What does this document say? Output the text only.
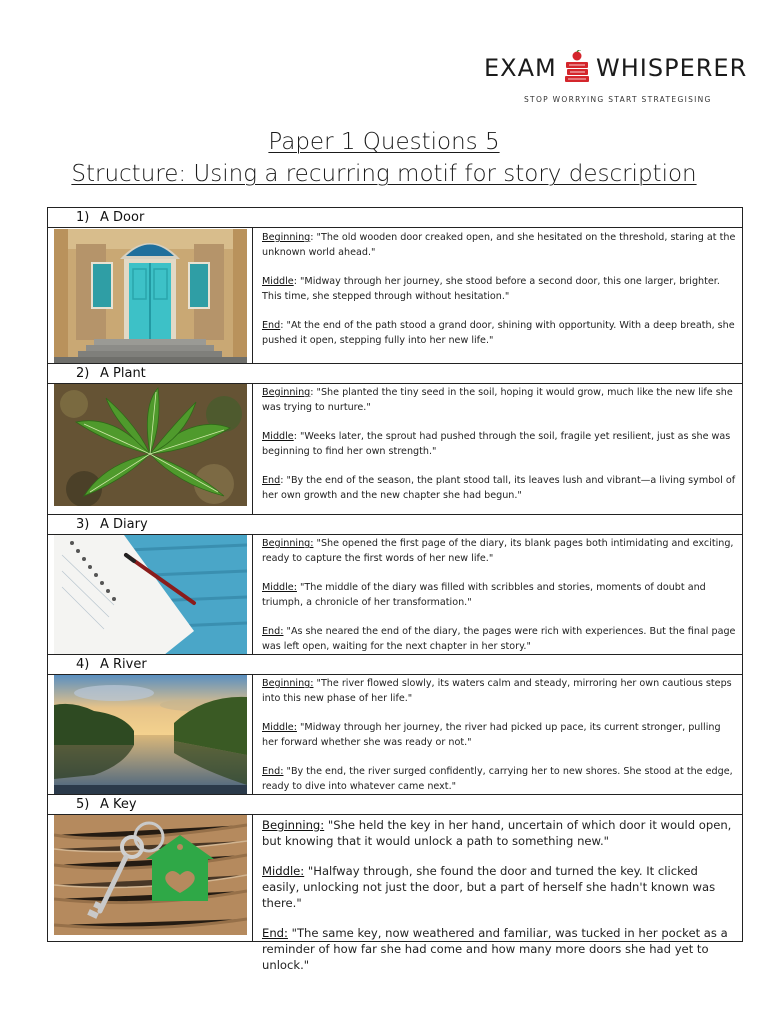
EXAM WHISPERER
STOP WORRYING START STRATEGISING
Paper 1 Questions 5
Structure: Using a recurring motif for story description
1) A Door

Beginning: "The old wooden door creaked open, and she hesitated on the threshold, staring at the unknown world ahead."

Middle: "Midway through her journey, she stood before a second door, this one larger, brighter. This time, she stepped through without hesitation."

End: "At the end of the path stood a grand door, shining with opportunity. With a deep breath, she pushed it open, stepping fully into her new life."

2) A Plant

Beginning: "She planted the tiny seed in the soil, hoping it would grow, much like the new life she was trying to nurture."

Middle: "Weeks later, the sprout had pushed through the soil, fragile yet resilient, just as she was beginning to find her own strength."

End: "By the end of the season, the plant stood tall, its leaves lush and vibrant—a living symbol of her own growth and the new chapter she had begun."

3) A Diary

Beginning: "She opened the first page of the diary, its blank pages both intimidating and exciting, ready to capture the first words of her new life."

Middle: "The middle of the diary was filled with scribbles and stories, moments of doubt and triumph, a chronicle of her transformation."

End: "As she neared the end of the diary, the pages were rich with experiences. But the final page was left open, waiting for the next chapter in her story."

4) A River

Beginning: "The river flowed slowly, its waters calm and steady, mirroring her own cautious steps into this new phase of her life."

Middle: "Midway through her journey, the river had picked up pace, its current stronger, pulling her forward whether she was ready or not."

End: "By the end, the river surged confidently, carrying her to new shores. She stood at the edge, ready to dive into whatever came next."

5) A Key

Beginning: "She held the key in her hand, uncertain of which door it would open, but knowing that it would unlock a path to something new."

Middle: "Halfway through, she found the door and turned the key. It clicked easily, unlocking not just the door, but a part of herself she hadn't known was there."

End: "The same key, now weathered and familiar, was tucked in her pocket as a reminder of how far she had come and how many more doors she had yet to unlock."
